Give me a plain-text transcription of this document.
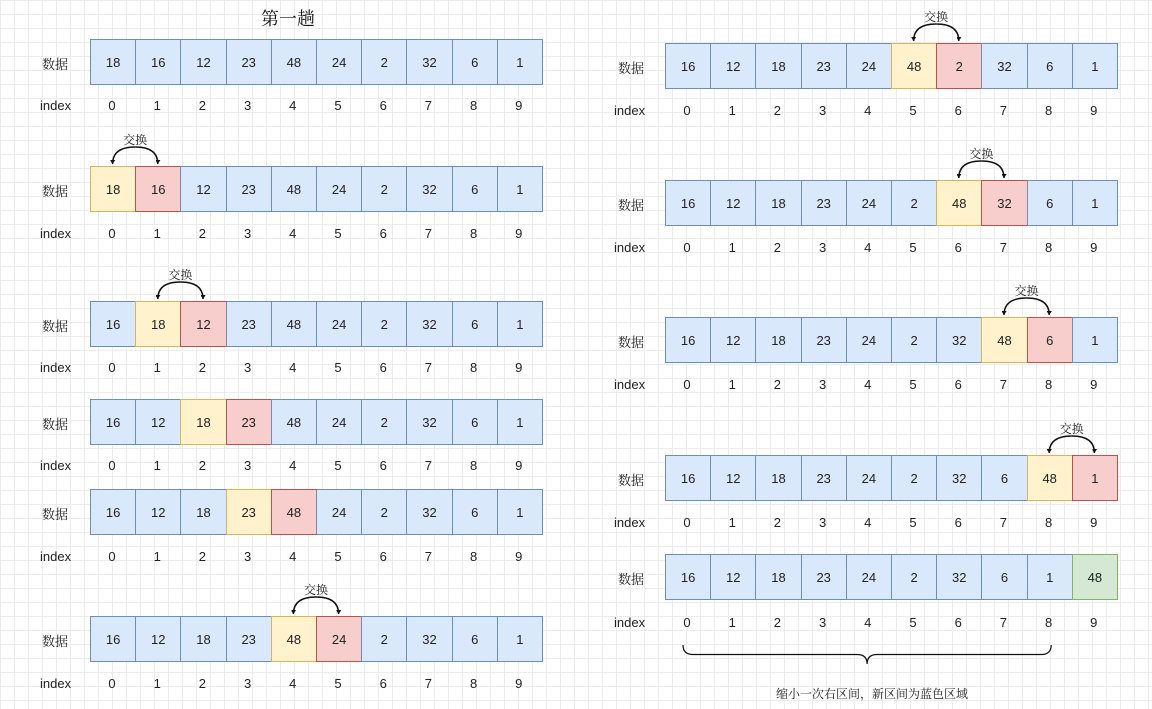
第一趟
数据	18	16	12	23	48	24	2	32	6	1
index	0	1	2	3	4	5	6	7	8	9
数据	18	16	12	23	48	24	2	32	6	1
index	0	1	2	3	4	5	6	7	8	9
交换
数据	16	18	12	23	48	24	2	32	6	1
index	0	1	2	3	4	5	6	7	8	9
交换
数据	16	12	18	23	48	24	2	32	6	1
index	0	1	2	3	4	5	6	7	8	9
数据	16	12	18	23	48	24	2	32	6	1
index	0	1	2	3	4	5	6	7	8	9
数据	16	12	18	23	48	24	2	32	6	1
index	0	1	2	3	4	5	6	7	8	9
交换
数据	16	12	18	23	24	48	2	32	6	1
index	0	1	2	3	4	5	6	7	8	9
交换
数据	16	12	18	23	24	2	48	32	6	1
index	0	1	2	3	4	5	6	7	8	9
交换
数据	16	12	18	23	24	2	32	48	6	1
index	0	1	2	3	4	5	6	7	8	9
交换
数据	16	12	18	23	24	2	32	6	48	1
index	0	1	2	3	4	5	6	7	8	9
交换
数据	16	12	18	23	24	2	32	6	1	48
index	0	1	2	3	4	5	6	7	8	9
缩小一次右区间，新区间为蓝色区域
